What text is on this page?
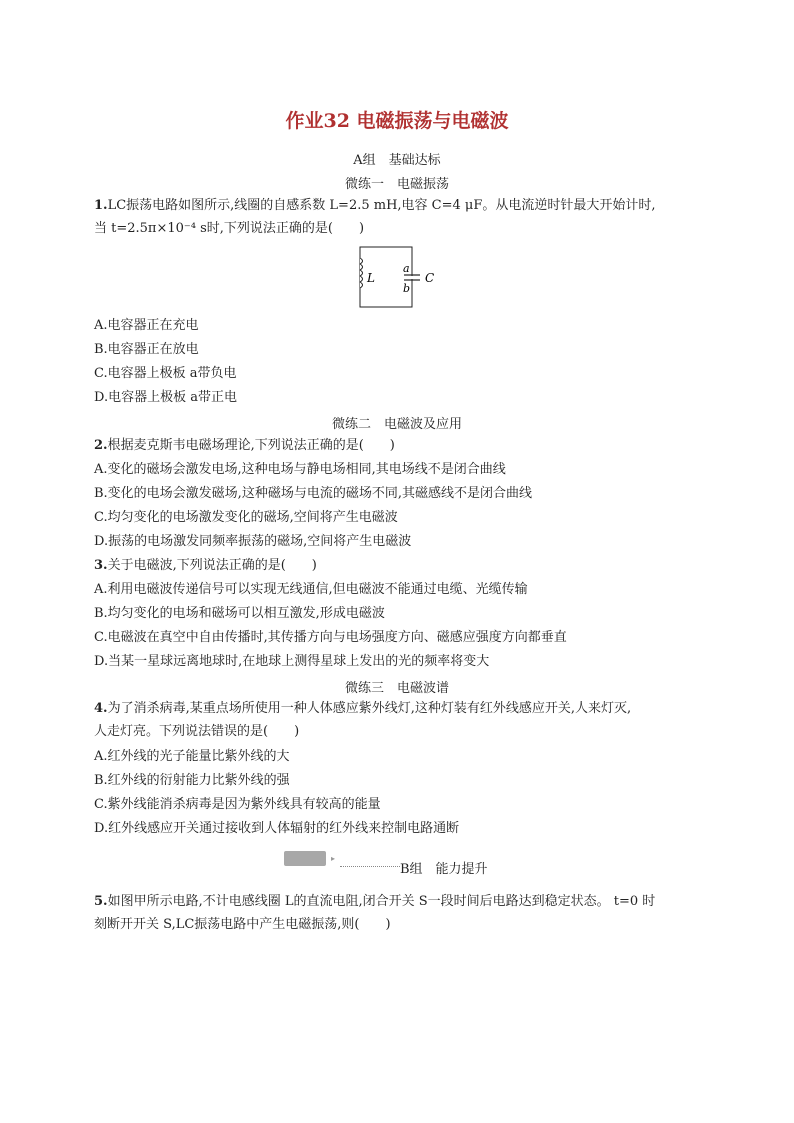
作业32 电磁振荡与电磁波
A组　基础达标
微练一　电磁振荡
1.LC振荡电路如图所示,线圈的自感系数 L=2.5 mH,电容 C=4 μF。从电流逆时针最大开始计时,
当 t=2.5π×10⁻⁴ s时,下列说法正确的是(　　)
L
a
b
C
A.电容器正在充电
B.电容器正在放电
C.电容器上极板 a带负电
D.电容器上极板 a带正电
微练二　电磁波及应用
2.根据麦克斯韦电磁场理论,下列说法正确的是(　　)
A.变化的磁场会激发电场,这种电场与静电场相同,其电场线不是闭合曲线
B.变化的电场会激发磁场,这种磁场与电流的磁场不同,其磁感线不是闭合曲线
C.均匀变化的电场激发变化的磁场,空间将产生电磁波
D.振荡的电场激发同频率振荡的磁场,空间将产生电磁波
3.关于电磁波,下列说法正确的是(　　)
A.利用电磁波传递信号可以实现无线通信,但电磁波不能通过电缆、光缆传输
B.均匀变化的电场和磁场可以相互激发,形成电磁波
C.电磁波在真空中自由传播时,其传播方向与电场强度方向、磁感应强度方向都垂直
D.当某一星球远离地球时,在地球上测得星球上发出的光的频率将变大
微练三　电磁波谱
4.为了消杀病毒,某重点场所使用一种人体感应紫外线灯,这种灯装有红外线感应开关,人来灯灭,
人走灯亮。下列说法错误的是(　　)
A.红外线的光子能量比紫外线的大
B.红外线的衍射能力比紫外线的强
C.紫外线能消杀病毒是因为紫外线具有较高的能量
D.红外线感应开关通过接收到人体辐射的红外线来控制电路通断
▸
B组　能力提升
5.如图甲所示电路,不计电感线圈 L的直流电阻,闭合开关 S一段时间后电路达到稳定状态。 t=0 时
刻断开开关 S,LC振荡电路中产生电磁振荡,则(　　)
